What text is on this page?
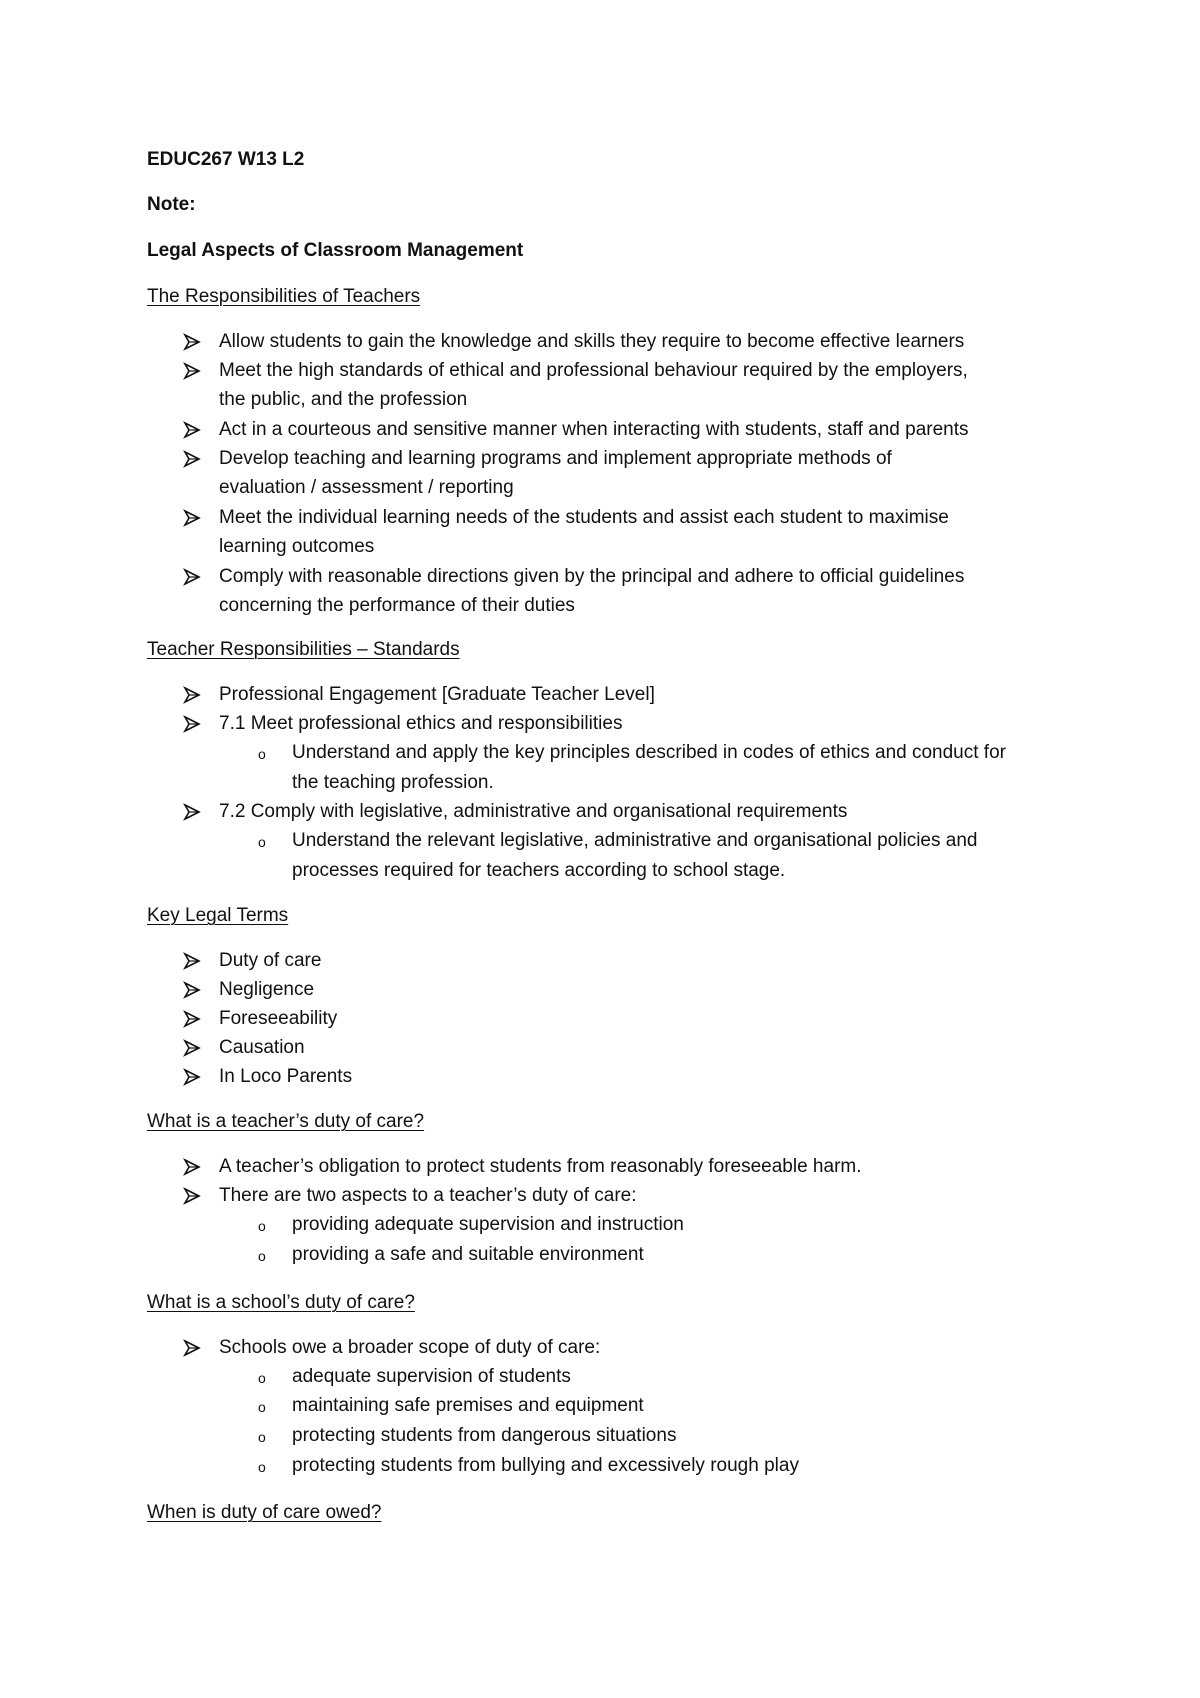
EDUC267 W13 L2
Note:
Legal Aspects of Classroom Management
The Responsibilities of Teachers
Allow students to gain the knowledge and skills they require to become effective learners
Meet the high standards of ethical and professional behaviour required by the employers,
the public, and the profession
Act in a courteous and sensitive manner when interacting with students, staff and parents
Develop teaching and learning programs and implement appropriate methods of
evaluation / assessment / reporting
Meet the individual learning needs of the students and assist each student to maximise
learning outcomes
Comply with reasonable directions given by the principal and adhere to official guidelines
concerning the performance of their duties
Teacher Responsibilities – Standards
Professional Engagement [Graduate Teacher Level]
7.1 Meet professional ethics and responsibilities
o Understand and apply the key principles described in codes of ethics and conduct for
the teaching profession.
7.2 Comply with legislative, administrative and organisational requirements
o Understand the relevant legislative, administrative and organisational policies and
processes required for teachers according to school stage.
Key Legal Terms
Duty of care
Negligence
Foreseeability
Causation
In Loco Parents
What is a teacher’s duty of care?
A teacher’s obligation to protect students from reasonably foreseeable harm.
There are two aspects to a teacher’s duty of care:
o providing adequate supervision and instruction
o providing a safe and suitable environment
What is a school’s duty of care?
Schools owe a broader scope of duty of care:
o adequate supervision of students
o maintaining safe premises and equipment
o protecting students from dangerous situations
o protecting students from bullying and excessively rough play
When is duty of care owed?
